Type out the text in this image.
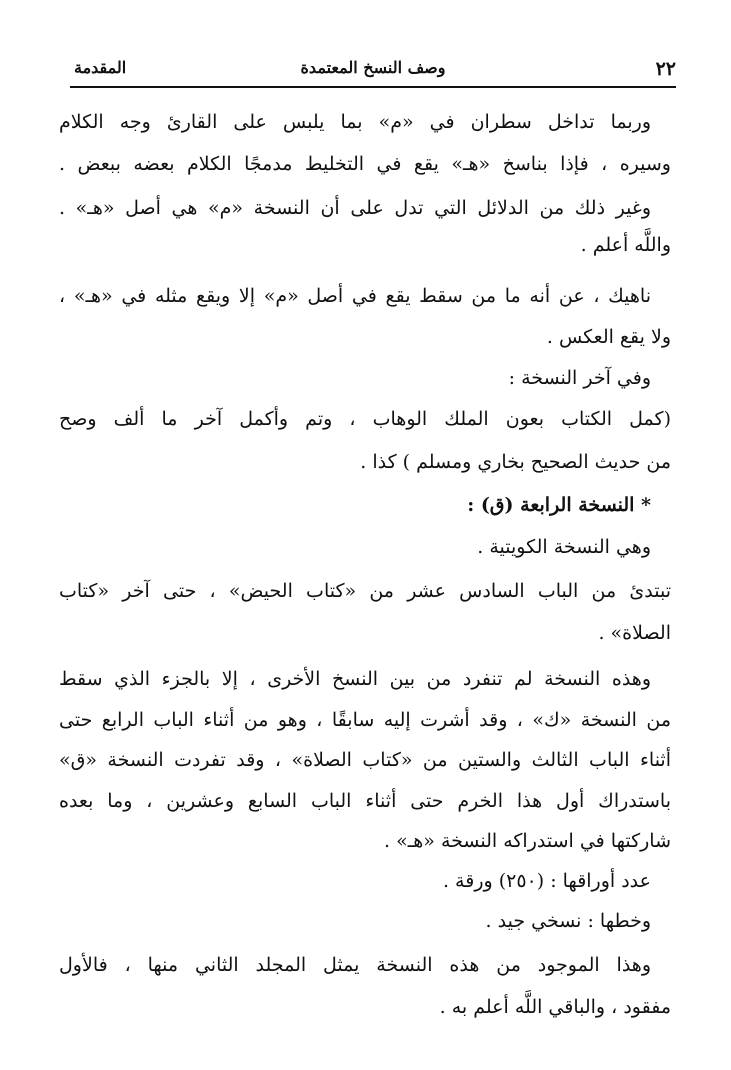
٢٢
وصف النسخ المعتمدة
المقدمة
وربما تداخل سطران في «م» بما يلبس على القارئ وجه الكلام
وسيره ، فإذا بناسخ «هـ» يقع في التخليط مدمجًا الكلام بعضه ببعض .
وغير ذلك من الدلائل التي تدل على أن النسخة «م» هي أصل «هـ» .
واللَّه أعلم .
ناهيك ، عن أنه ما من سقط يقع في أصل «م» إلا ويقع مثله في «هـ» ،
ولا يقع العكس .
وفي آخر النسخة :
(كمل الكتاب بعون الملك الوهاب ، وتم وأكمل آخر ما ألف وصح
من حديث الصحيح بخاري ومسلم ) كذا .
* النسخة الرابعة (ق) :
وهي النسخة الكويتية .
تبتدئ من الباب السادس عشر من «كتاب الحيض» ، حتى آخر «كتاب
الصلاة» .
وهذه النسخة لم تنفرد من بين النسخ الأخرى ، إلا بالجزء الذي سقط
من النسخة «ك» ، وقد أشرت إليه سابقًا ، وهو من أثناء الباب الرابع حتى
أثناء الباب الثالث والستين من «كتاب الصلاة» ، وقد تفردت النسخة «ق»
باستدراك أول هذا الخرم حتى أثناء الباب السابع وعشرين ، وما بعده
شاركتها في استدراكه النسخة «هـ» .
عدد أوراقها : (٢٥٠) ورقة .
وخطها : نسخي جيد .
وهذا الموجود من هذه النسخة يمثل المجلد الثاني منها ، فالأول
مفقود ، والباقي اللَّه أعلم به .
